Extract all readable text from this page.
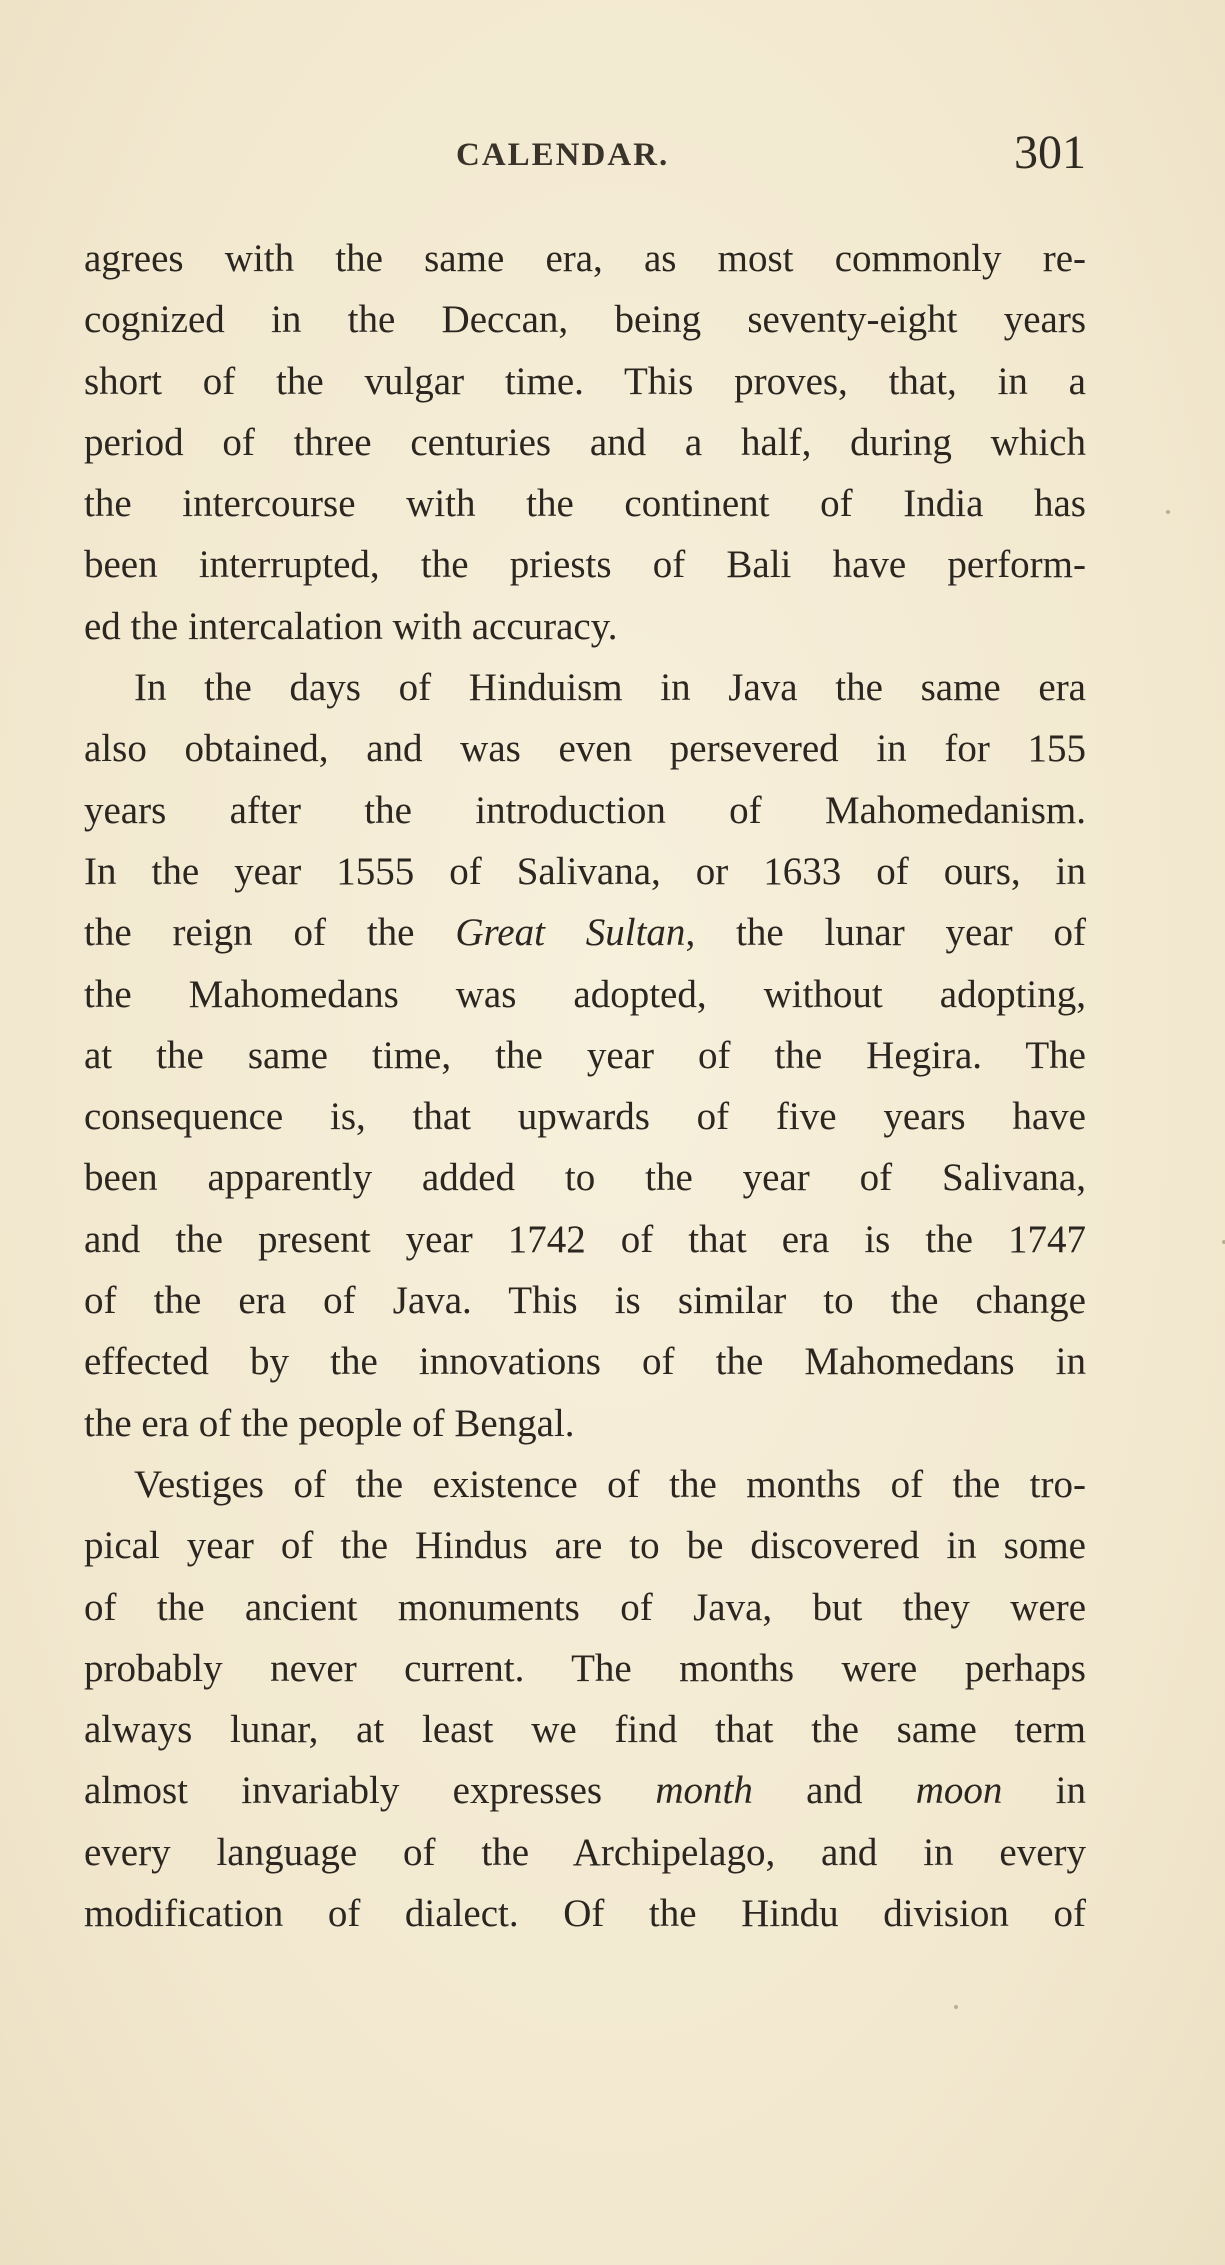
CALENDAR.	301
agrees with the same era, as most commonly re-
cognized in the Deccan, being seventy-eight years
short of the vulgar time. This proves, that, in a
period of three centuries and a half, during which
the intercourse with the continent of India has
been interrupted, the priests of Bali have perform-
ed the intercalation with accuracy.
In the days of Hinduism in Java the same era
also obtained, and was even persevered in for 155
years after the introduction of Mahomedanism.
In the year 1555 of Salivana, or 1633 of ours, in
the reign of the Great Sultan, the lunar year of
the Mahomedans was adopted, without adopting,
at the same time, the year of the Hegira. The
consequence is, that upwards of five years have
been apparently added to the year of Salivana,
and the present year 1742 of that era is the 1747
of the era of Java. This is similar to the change
effected by the innovations of the Mahomedans in
the era of the people of Bengal.
Vestiges of the existence of the months of the tro-
pical year of the Hindus are to be discovered in some
of the ancient monuments of Java, but they were
probably never current. The months were perhaps
always lunar, at least we find that the same term
almost invariably expresses month and moon in
every language of the Archipelago, and in every
modification of dialect. Of the Hindu division of
